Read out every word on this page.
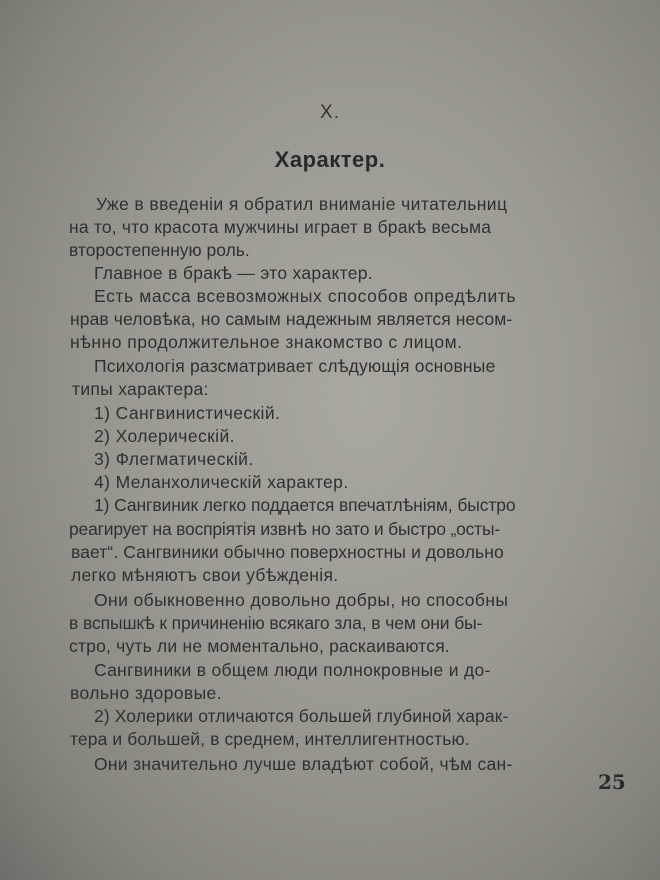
X.
Характер.
Уже в введенiи я обратил вниманiе читательниц
на то, что красота мужчины играет в бракѣ весьма
второстепенную роль.
Главное в бракѣ — это характер.
Есть масса всевозможных способов опредѣлить
нрав человѣка, но самым надежным является несом-
нѣнно продолжительное знакомство с лицом.
Психологiя разсматривает слѣдующiя основные
типы характера:
1) Сангвинистическiй.
2) Холерическiй.
3) Флегматическiй.
4) Меланхолическiй характер.
1) Сангвиник легко поддается впечатлѣнiям, быстро
реагирует на воспрiятiя извнѣ но зато и быстро „осты-
вает“. Сангвиники обычно поверхностны и довольно
легко мѣняютъ свои убѣжденiя.
Они обыкновенно довольно добры, но способны
в вспышкѣ к причиненiю всякаго зла, в чем они бы-
стро, чуть ли не моментально, раскаиваются.
Сангвиники в общем люди полнокровные и до-
вольно здоровые.
2) Холерики отличаются большей глубиной харак-
тера и большей, в среднем, интеллигентностью.
Они значительно лучше владѣют собой, чѣм сан-
25
